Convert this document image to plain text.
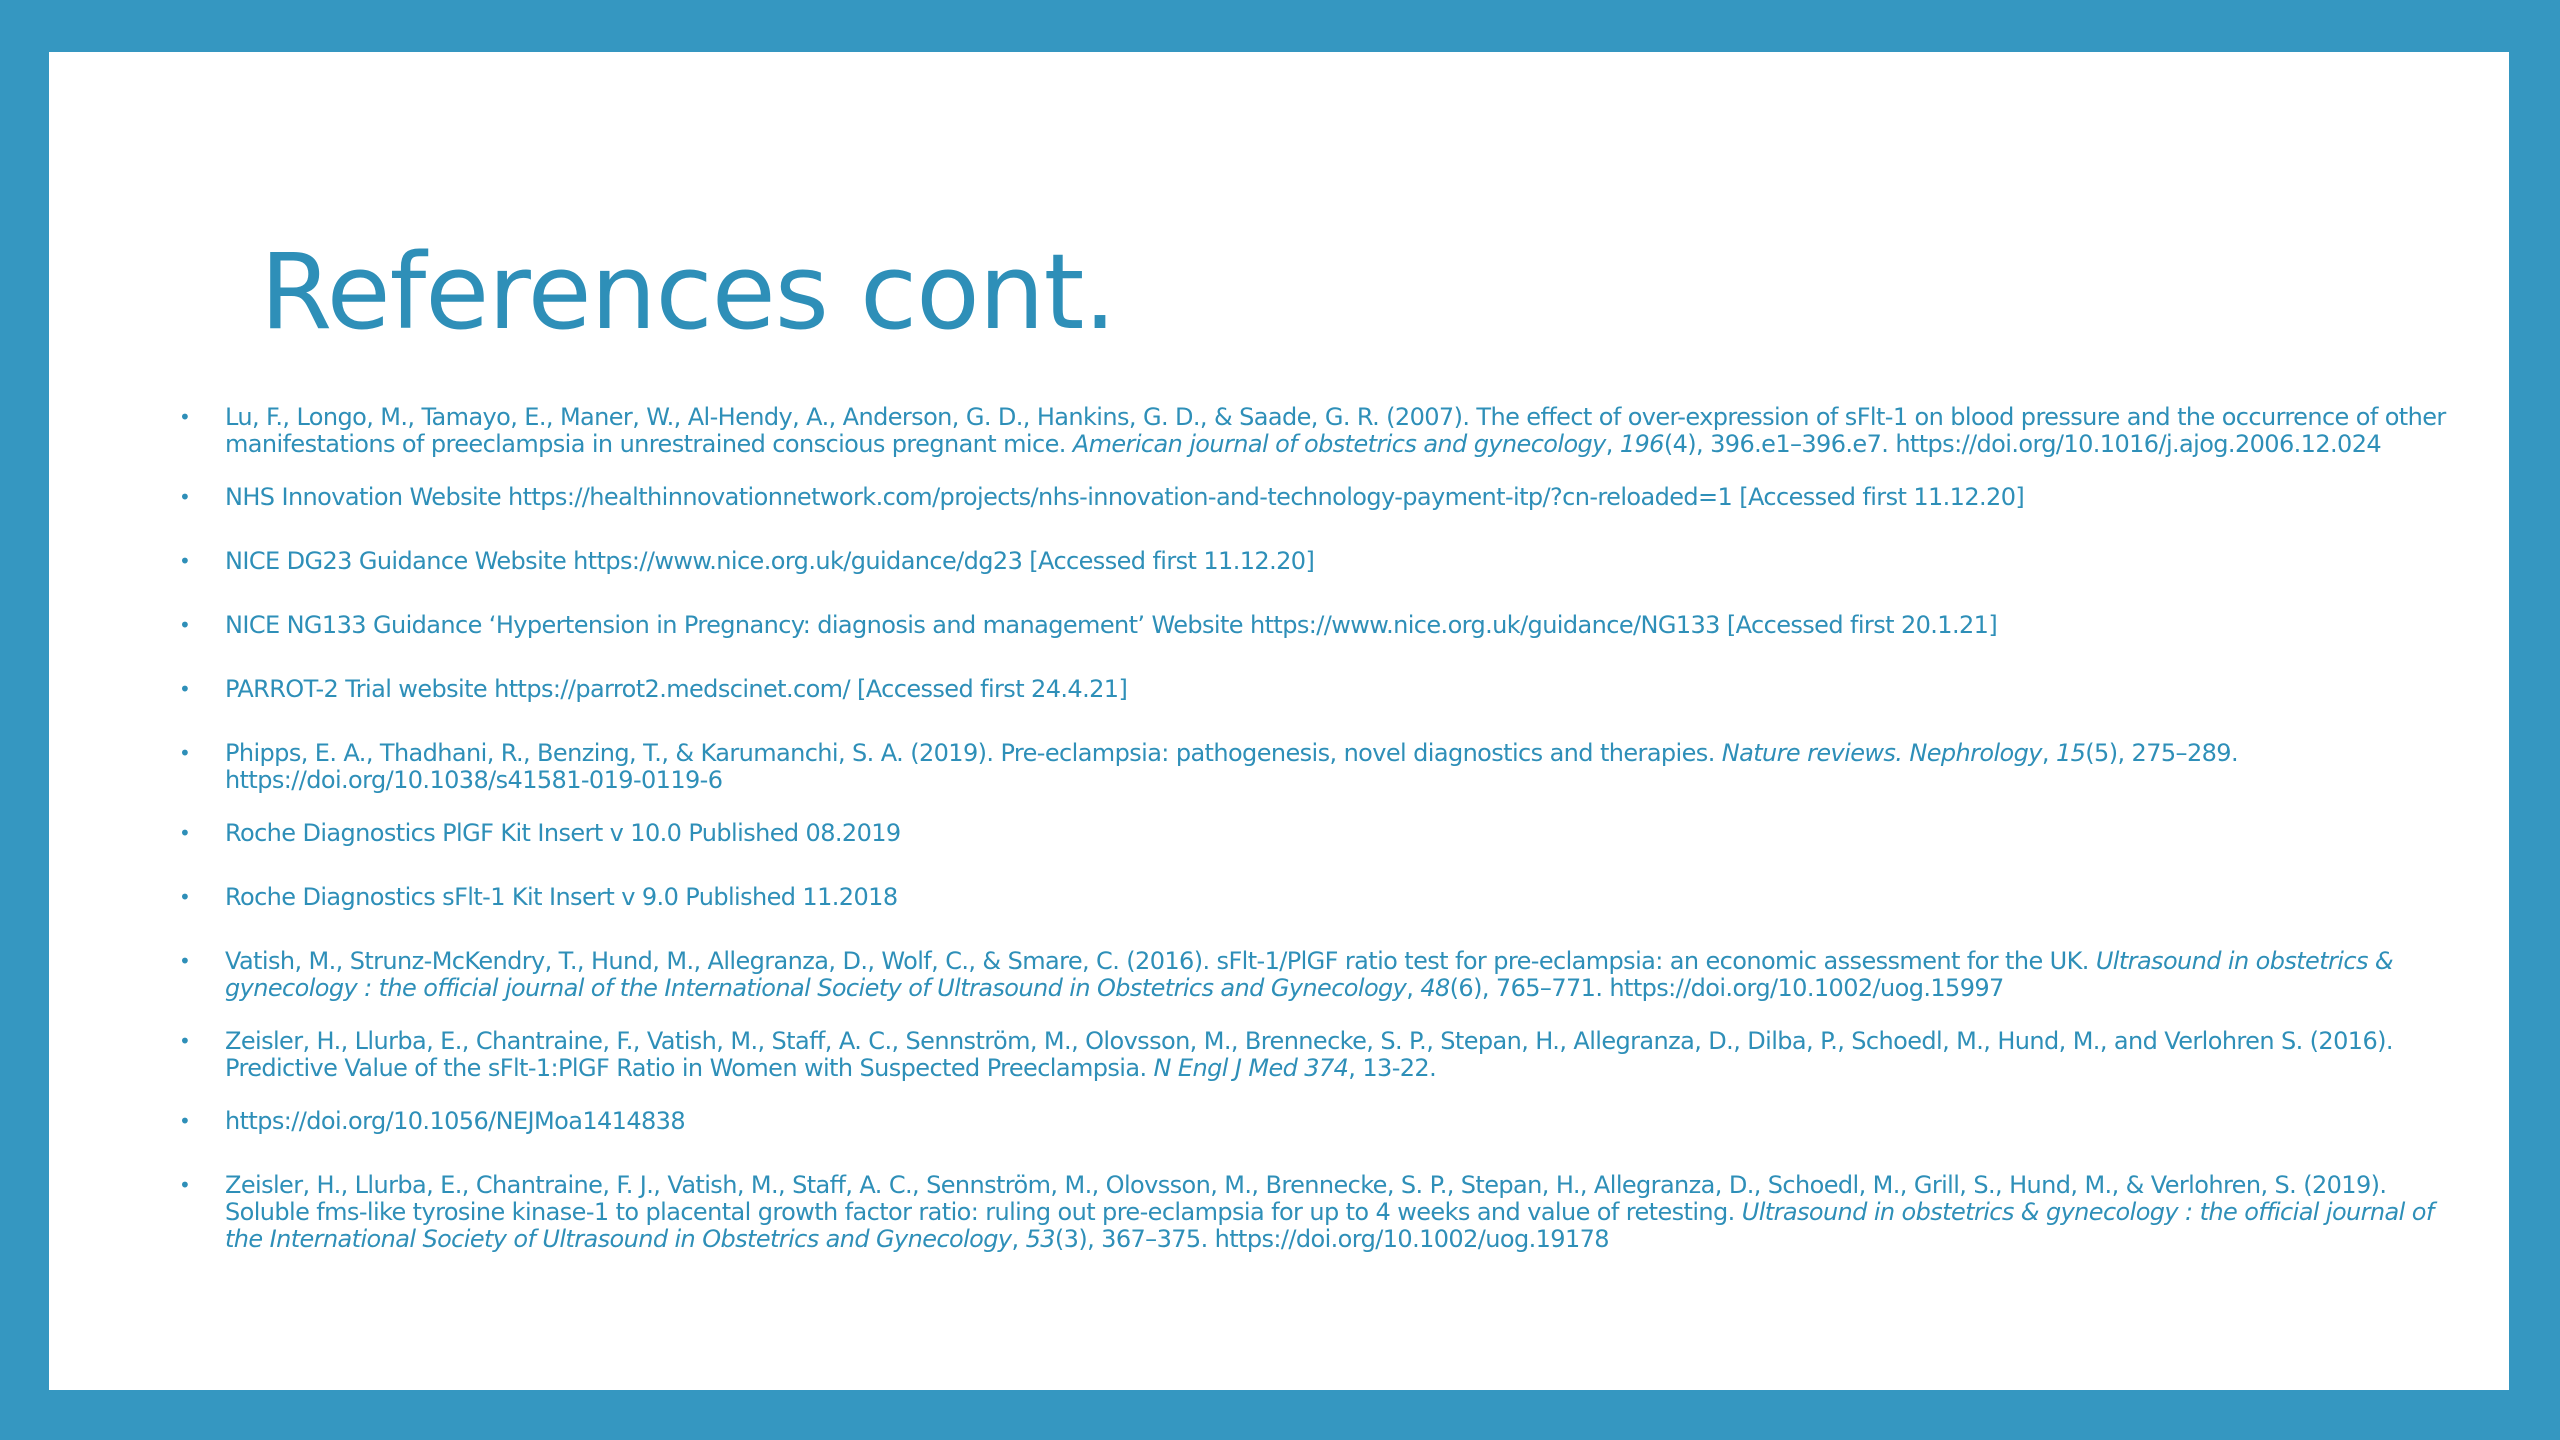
References cont.
• Lu, F., Longo, M., Tamayo, E., Maner, W., Al-Hendy, A., Anderson, G. D., Hankins, G. D., & Saade, G. R. (2007). The effect of over-expression of sFlt-1 on blood pressure and the occurrence of other manifestations of preeclampsia in unrestrained conscious pregnant mice. American journal of obstetrics and gynecology, 196(4), 396.e1–396.e7. https://doi.org/10.1016/j.ajog.2006.12.024
• NHS Innovation Website https://healthinnovationnetwork.com/projects/nhs-innovation-and-technology-payment-itp/?cn-reloaded=1 [Accessed first 11.12.20]
• NICE DG23 Guidance Website https://www.nice.org.uk/guidance/dg23 [Accessed first 11.12.20]
• NICE NG133 Guidance ‘Hypertension in Pregnancy: diagnosis and management’ Website https://www.nice.org.uk/guidance/NG133 [Accessed first 20.1.21]
• PARROT-2 Trial website https://parrot2.medscinet.com/ [Accessed first 24.4.21]
• Phipps, E. A., Thadhani, R., Benzing, T., & Karumanchi, S. A. (2019). Pre-eclampsia: pathogenesis, novel diagnostics and therapies. Nature reviews. Nephrology, 15(5), 275–289. https://doi.org/10.1038/s41581-019-0119-6
• Roche Diagnostics PlGF Kit Insert v 10.0 Published 08.2019
• Roche Diagnostics sFlt-1 Kit Insert v 9.0 Published 11.2018
• Vatish, M., Strunz-McKendry, T., Hund, M., Allegranza, D., Wolf, C., & Smare, C. (2016). sFlt-1/PlGF ratio test for pre-eclampsia: an economic assessment for the UK. Ultrasound in obstetrics & gynecology : the official journal of the International Society of Ultrasound in Obstetrics and Gynecology, 48(6), 765–771. https://doi.org/10.1002/uog.15997
• Zeisler, H., Llurba, E., Chantraine, F., Vatish, M., Staff, A. C., Sennström, M., Olovsson, M., Brennecke, S. P., Stepan, H., Allegranza, D., Dilba, P., Schoedl, M., Hund, M., and Verlohren S. (2016). Predictive Value of the sFlt-1:PlGF Ratio in Women with Suspected Preeclampsia. N Engl J Med 374, 13-22.
• https://doi.org/10.1056/NEJMoa1414838
• Zeisler, H., Llurba, E., Chantraine, F. J., Vatish, M., Staff, A. C., Sennström, M., Olovsson, M., Brennecke, S. P., Stepan, H., Allegranza, D., Schoedl, M., Grill, S., Hund, M., & Verlohren, S. (2019). Soluble fms-like tyrosine kinase-1 to placental growth factor ratio: ruling out pre-eclampsia for up to 4 weeks and value of retesting. Ultrasound in obstetrics & gynecology : the official journal of the International Society of Ultrasound in Obstetrics and Gynecology, 53(3), 367–375. https://doi.org/10.1002/uog.19178
